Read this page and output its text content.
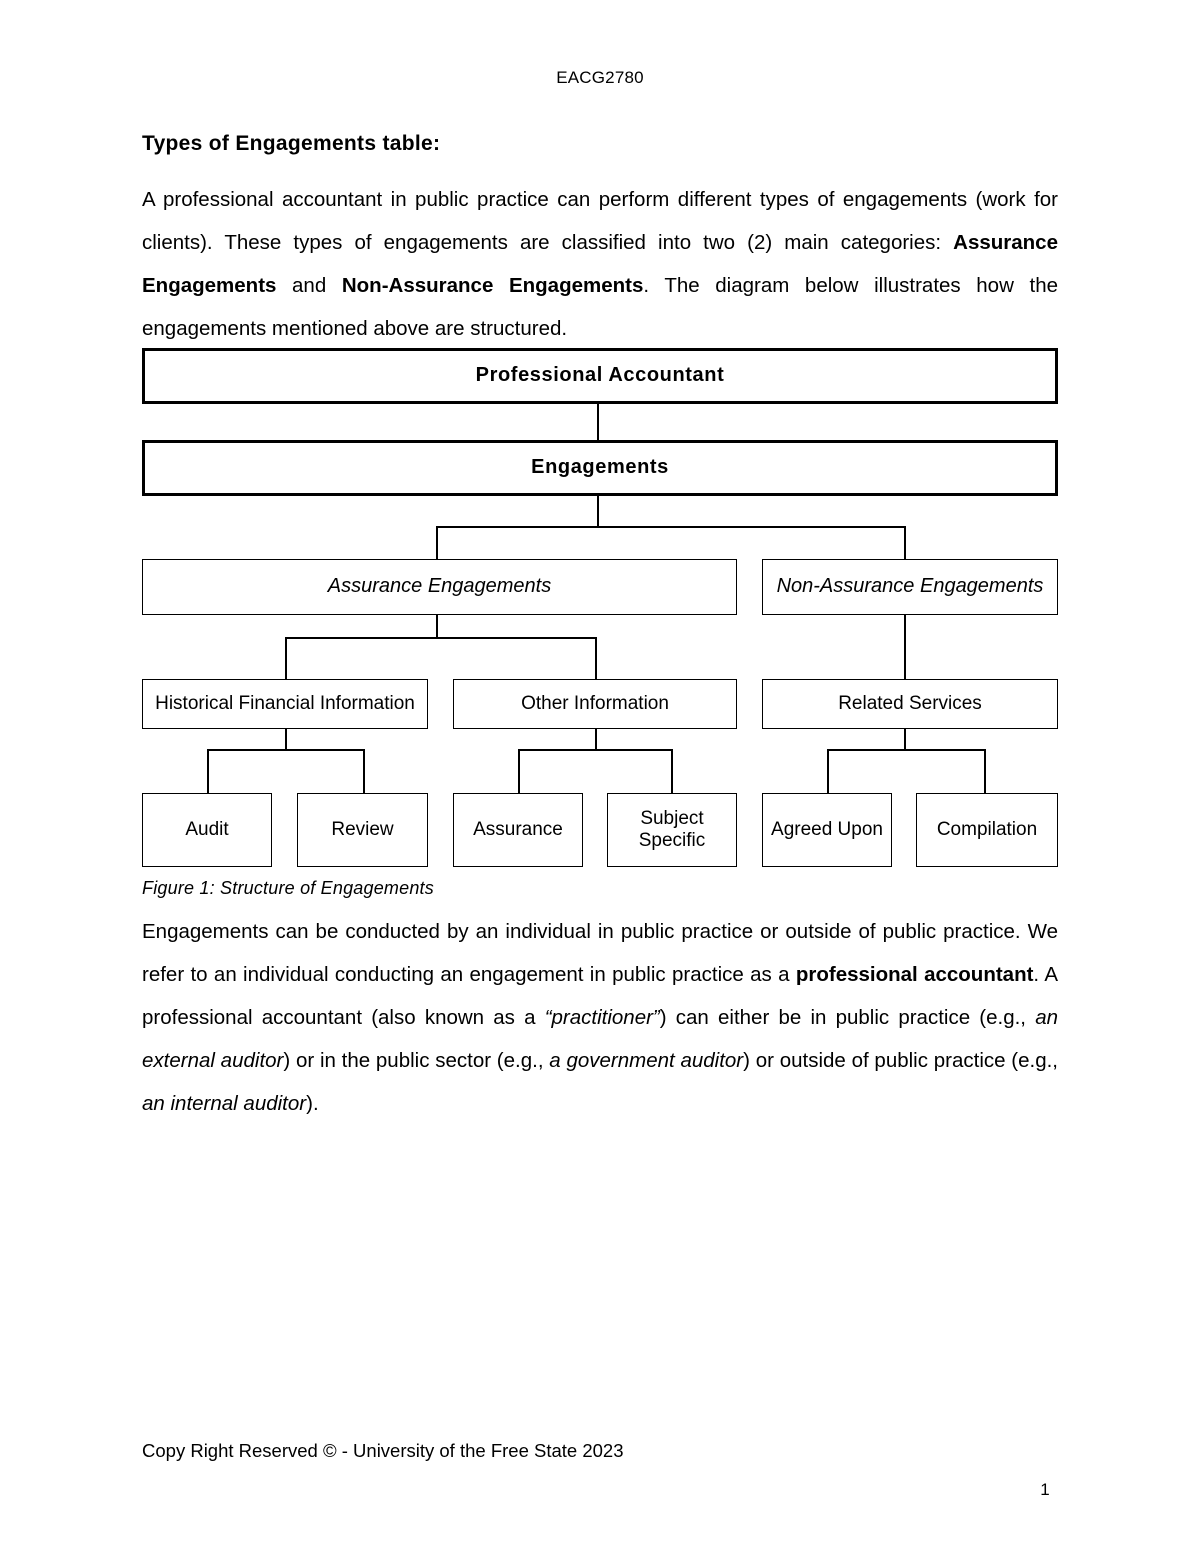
EACG2780
Types of Engagements table:

A professional accountant in public practice can perform different types of engagements (work for clients). These types of engagements are classified into two (2) main categories: Assurance Engagements and Non-Assurance Engagements. The diagram below illustrates how the engagements mentioned above are structured.

Professional Accountant
Engagements
Assurance Engagements	Non-Assurance Engagements
Historical Financial Information	Other Information	Related Services
Audit	Review	Assurance
Subject Specific
Agreed Upon	Compilation
Figure 1: Structure of Engagements

Engagements can be conducted by an individual in public practice or outside of public practice. We refer to an individual conducting an engagement in public practice as a professional accountant. A professional accountant (also known as a “practitioner”) can either be in public practice (e.g., an external auditor) or in the public sector (e.g., a government auditor) or outside of public practice (e.g., an internal auditor).

Copy Right Reserved © - University of the Free State 2023
1
